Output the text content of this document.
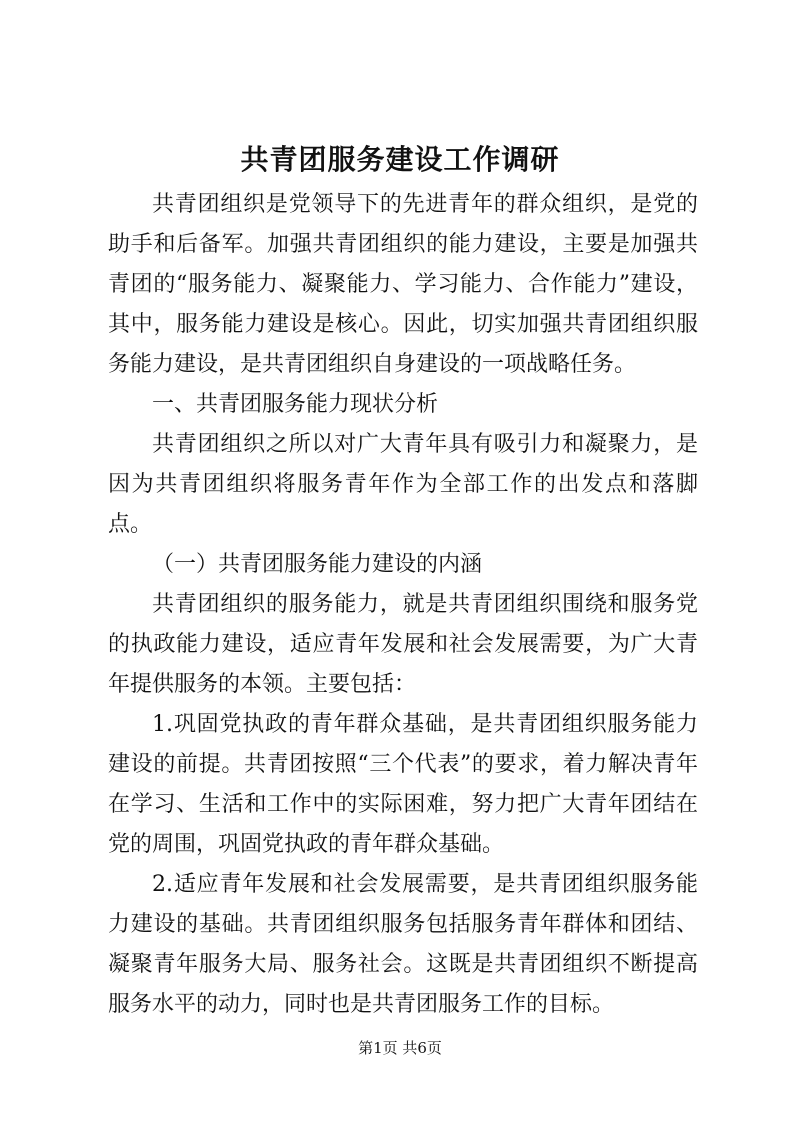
共青团服务建设工作调研

共青团组织是党领导下的先进青年的群众组织，是党的助手和后备军。加强共青团组织的能力建设，主要是加强共青团的“服务能力、凝聚能力、学习能力、合作能力”建设，其中，服务能力建设是核心。因此，切实加强共青团组织服务能力建设，是共青团组织自身建设的一项战略任务。

一、共青团服务能力现状分析

共青团组织之所以对广大青年具有吸引力和凝聚力，是因为共青团组织将服务青年作为全部工作的出发点和落脚点。

（一）共青团服务能力建设的内涵

共青团组织的服务能力，就是共青团组织围绕和服务党的执政能力建设，适应青年发展和社会发展需要，为广大青年提供服务的本领。主要包括：

1.巩固党执政的青年群众基础，是共青团组织服务能力建设的前提。共青团按照“三个代表”的要求，着力解决青年在学习、生活和工作中的实际困难，努力把广大青年团结在党的周围，巩固党执政的青年群众基础。

2.适应青年发展和社会发展需要，是共青团组织服务能力建设的基础。共青团组织服务包括服务青年群体和团结、凝聚青年服务大局、服务社会。这既是共青团组织不断提高服务水平的动力，同时也是共青团服务工作的目标。

第1页 共6页
